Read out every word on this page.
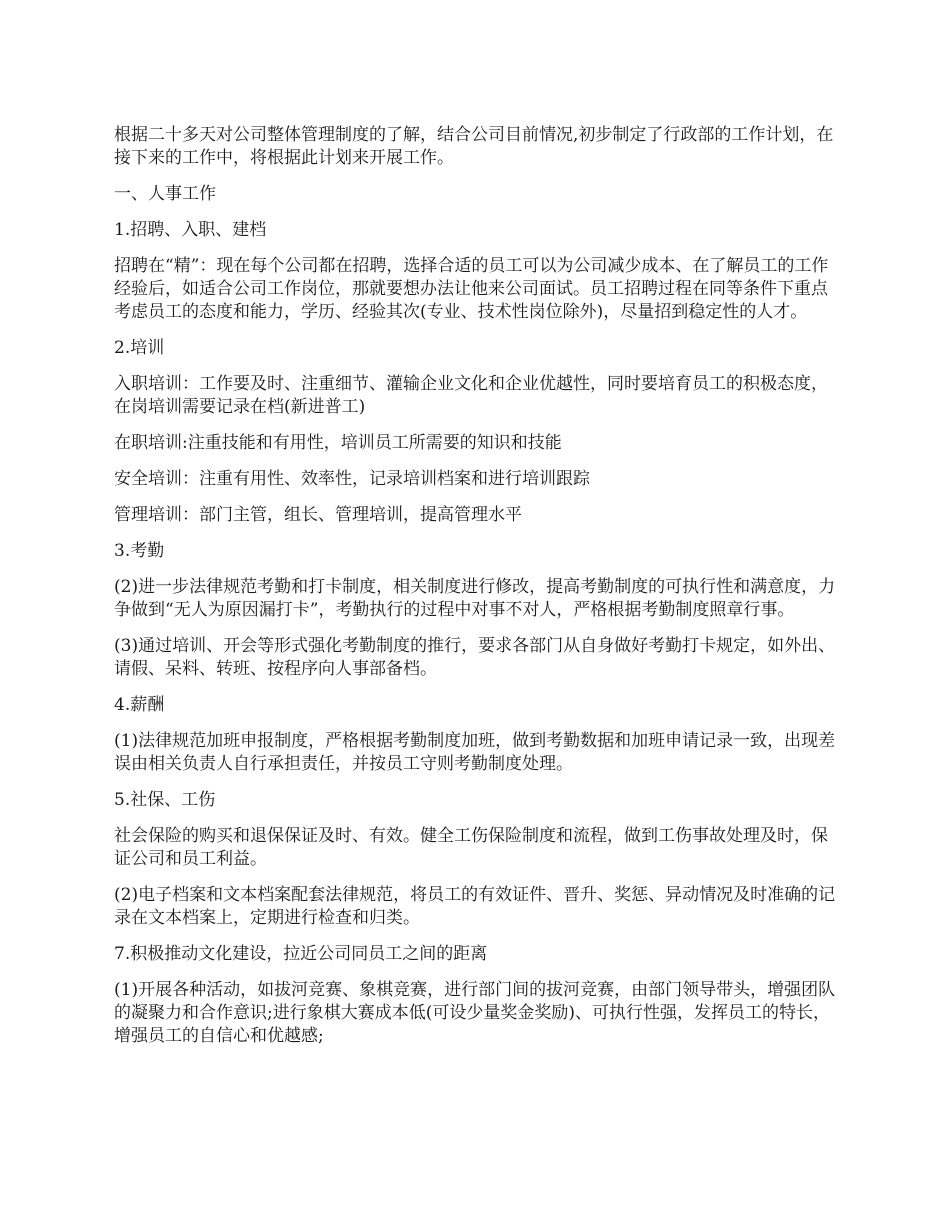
根据二十多天对公司整体管理制度的了解，结合公司目前情况,初步制定了行政部的工作计划，在接下来的工作中，将根据此计划来开展工作。

一、人事工作

1.招聘、入职、建档

招聘在“精”：现在每个公司都在招聘，选择合适的员工可以为公司减少成本、在了解员工的工作经验后，如适合公司工作岗位，那就要想办法让他来公司面试。员工招聘过程在同等条件下重点考虑员工的态度和能力，学历、经验其次(专业、技术性岗位除外)，尽量招到稳定性的人才。

2.培训

入职培训：工作要及时、注重细节、灌输企业文化和企业优越性，同时要培育员工的积极态度，在岗培训需要记录在档(新进普工)

在职培训:注重技能和有用性，培训员工所需要的知识和技能

安全培训：注重有用性、效率性，记录培训档案和进行培训跟踪

管理培训：部门主管，组长、管理培训，提高管理水平

3.考勤

(2)进一步法律规范考勤和打卡制度，相关制度进行修改，提高考勤制度的可执行性和满意度，力争做到“无人为原因漏打卡”，考勤执行的过程中对事不对人，严格根据考勤制度照章行事。

(3)通过培训、开会等形式强化考勤制度的推行，要求各部门从自身做好考勤打卡规定，如外出、请假、呆料、转班、按程序向人事部备档。

4.薪酬

(1)法律规范加班申报制度，严格根据考勤制度加班，做到考勤数据和加班申请记录一致，出现差误由相关负责人自行承担责任，并按员工守则考勤制度处理。

5.社保、工伤

社会保险的购买和退保保证及时、有效。健全工伤保险制度和流程，做到工伤事故处理及时，保证公司和员工利益。

(2)电子档案和文本档案配套法律规范，将员工的有效证件、晋升、奖惩、异动情况及时准确的记录在文本档案上，定期进行检查和归类。

7.积极推动文化建设，拉近公司同员工之间的距离

(1)开展各种活动，如拔河竞赛、象棋竞赛，进行部门间的拔河竞赛，由部门领导带头，增强团队的凝聚力和合作意识;进行象棋大赛成本低(可设少量奖金奖励)、可执行性强，发挥员工的特长，增强员工的自信心和优越感;
